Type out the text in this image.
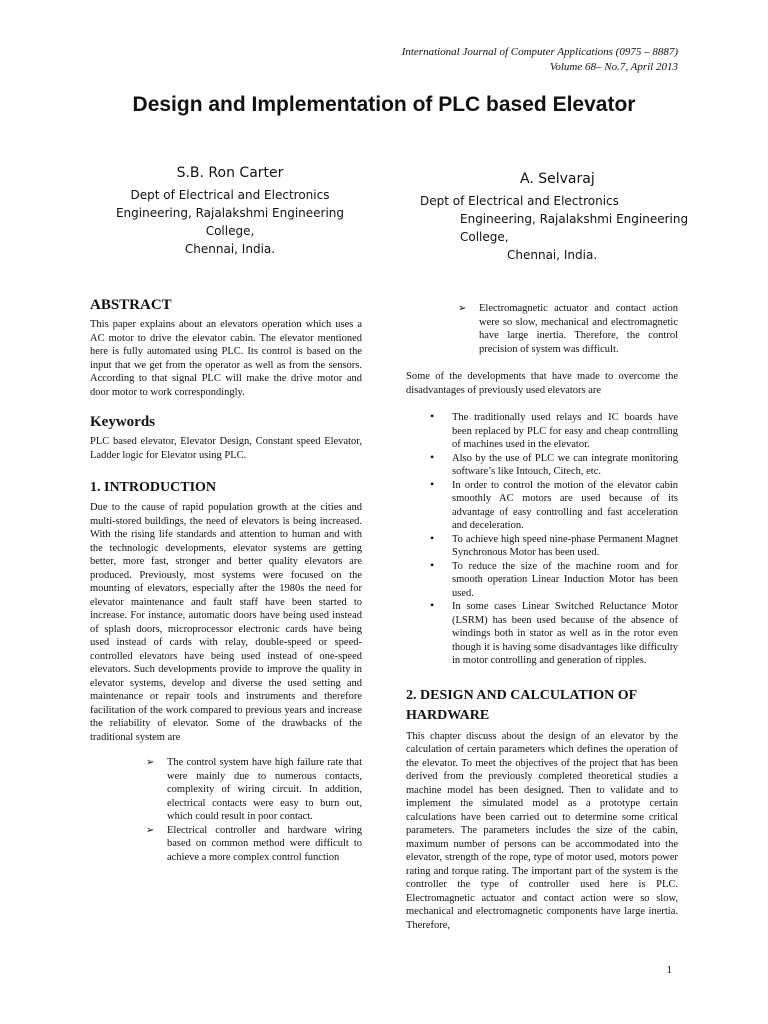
International Journal of Computer Applications (0975 – 8887)
Volume 68– No.7, April 2013
Design and Implementation of PLC based Elevator
S.B. Ron Carter
Dept of Electrical and Electronics
Engineering, Rajalakshmi Engineering
College,
Chennai, India.
A. Selvaraj
Dept of Electrical and Electronics
Engineering, Rajalakshmi Engineering
College,
Chennai, India.
ABSTRACT

This paper explains about an elevators operation which uses a AC motor to drive the elevator cabin. The elevator mentioned here is fully automated using PLC. Its control is based on the input that we get from the operator as well as from the sensors. According to that signal PLC will make the drive motor and door motor to work correspondingly.

Keywords

PLC based elevator, Elevator Design, Constant speed Elevator, Ladder logic for Elevator using PLC.

1. INTRODUCTION

Due to the cause of rapid population growth at the cities and multi-stored buildings, the need of elevators is being increased. With the rising life standards and attention to human and with the technologic developments, elevator systems are getting better, more fast, stronger and better quality elevators are produced. Previously, most systems were focused on the mounting of elevators, especially after the 1980s the need for elevator maintenance and fault staff have been started to increase. For instance, automatic doors have being used instead of splash doors, microprocessor electronic cards have being used instead of cards with relay, double-speed or speed-controlled elevators have being used instead of one-speed elevators. Such developments provide to improve the quality in elevator systems, develop and diverse the used setting and maintenance or repair tools and instruments and therefore facilitation of the work compared to previous years and increase the reliability of elevator. Some of the drawbacks of the traditional system are

➢ The control system have high failure rate that were mainly due to numerous contacts, complexity of wiring circuit. In addition, electrical contacts were easy to burn out, which could result in poor contact.
➢ Electrical controller and hardware wiring based on common method were difficult to achieve a more complex control function
➢ Electromagnetic actuator and contact action were so slow, mechanical and electromagnetic have large inertia. Therefore, the control precision of system was difficult.

Some of the developments that have made to overcome the disadvantages of previously used elevators are

• The traditionally used relays and IC boards have been replaced by PLC for easy and cheap controlling of machines used in the elevator.
• Also by the use of PLC we can integrate monitoring software’s like Intouch, Citech, etc.
• In order to control the motion of the elevator cabin smoothly AC motors are used because of its advantage of easy controlling and fast acceleration and deceleration.
• To achieve high speed nine-phase Permanent Magnet Synchronous Motor has been used.
• To reduce the size of the machine room and for smooth operation Linear Induction Motor has been used.
• In some cases Linear Switched Reluctance Motor (LSRM) has been used because of the absence of windings both in stator as well as in the rotor even though it is having some disadvantages like difficulty in motor controlling and generation of ripples.
2. DESIGN AND CALCULATION OF HARDWARE

This chapter discuss about the design of an elevator by the calculation of certain parameters which defines the operation of the elevator. To meet the objectives of the project that has been derived from the previously completed theoretical studies a machine model has been designed. Then to validate and to implement the simulated model as a prototype certain calculations have been carried out to determine some critical parameters. The parameters includes the size of the cabin, maximum number of persons can be accommodated into the elevator, strength of the rope, type of motor used, motors power rating and torque rating. The important part of the system is the controller the type of controller used here is PLC. Electromagnetic actuator and contact action were so slow, mechanical and electromagnetic components have large inertia. Therefore,

1
